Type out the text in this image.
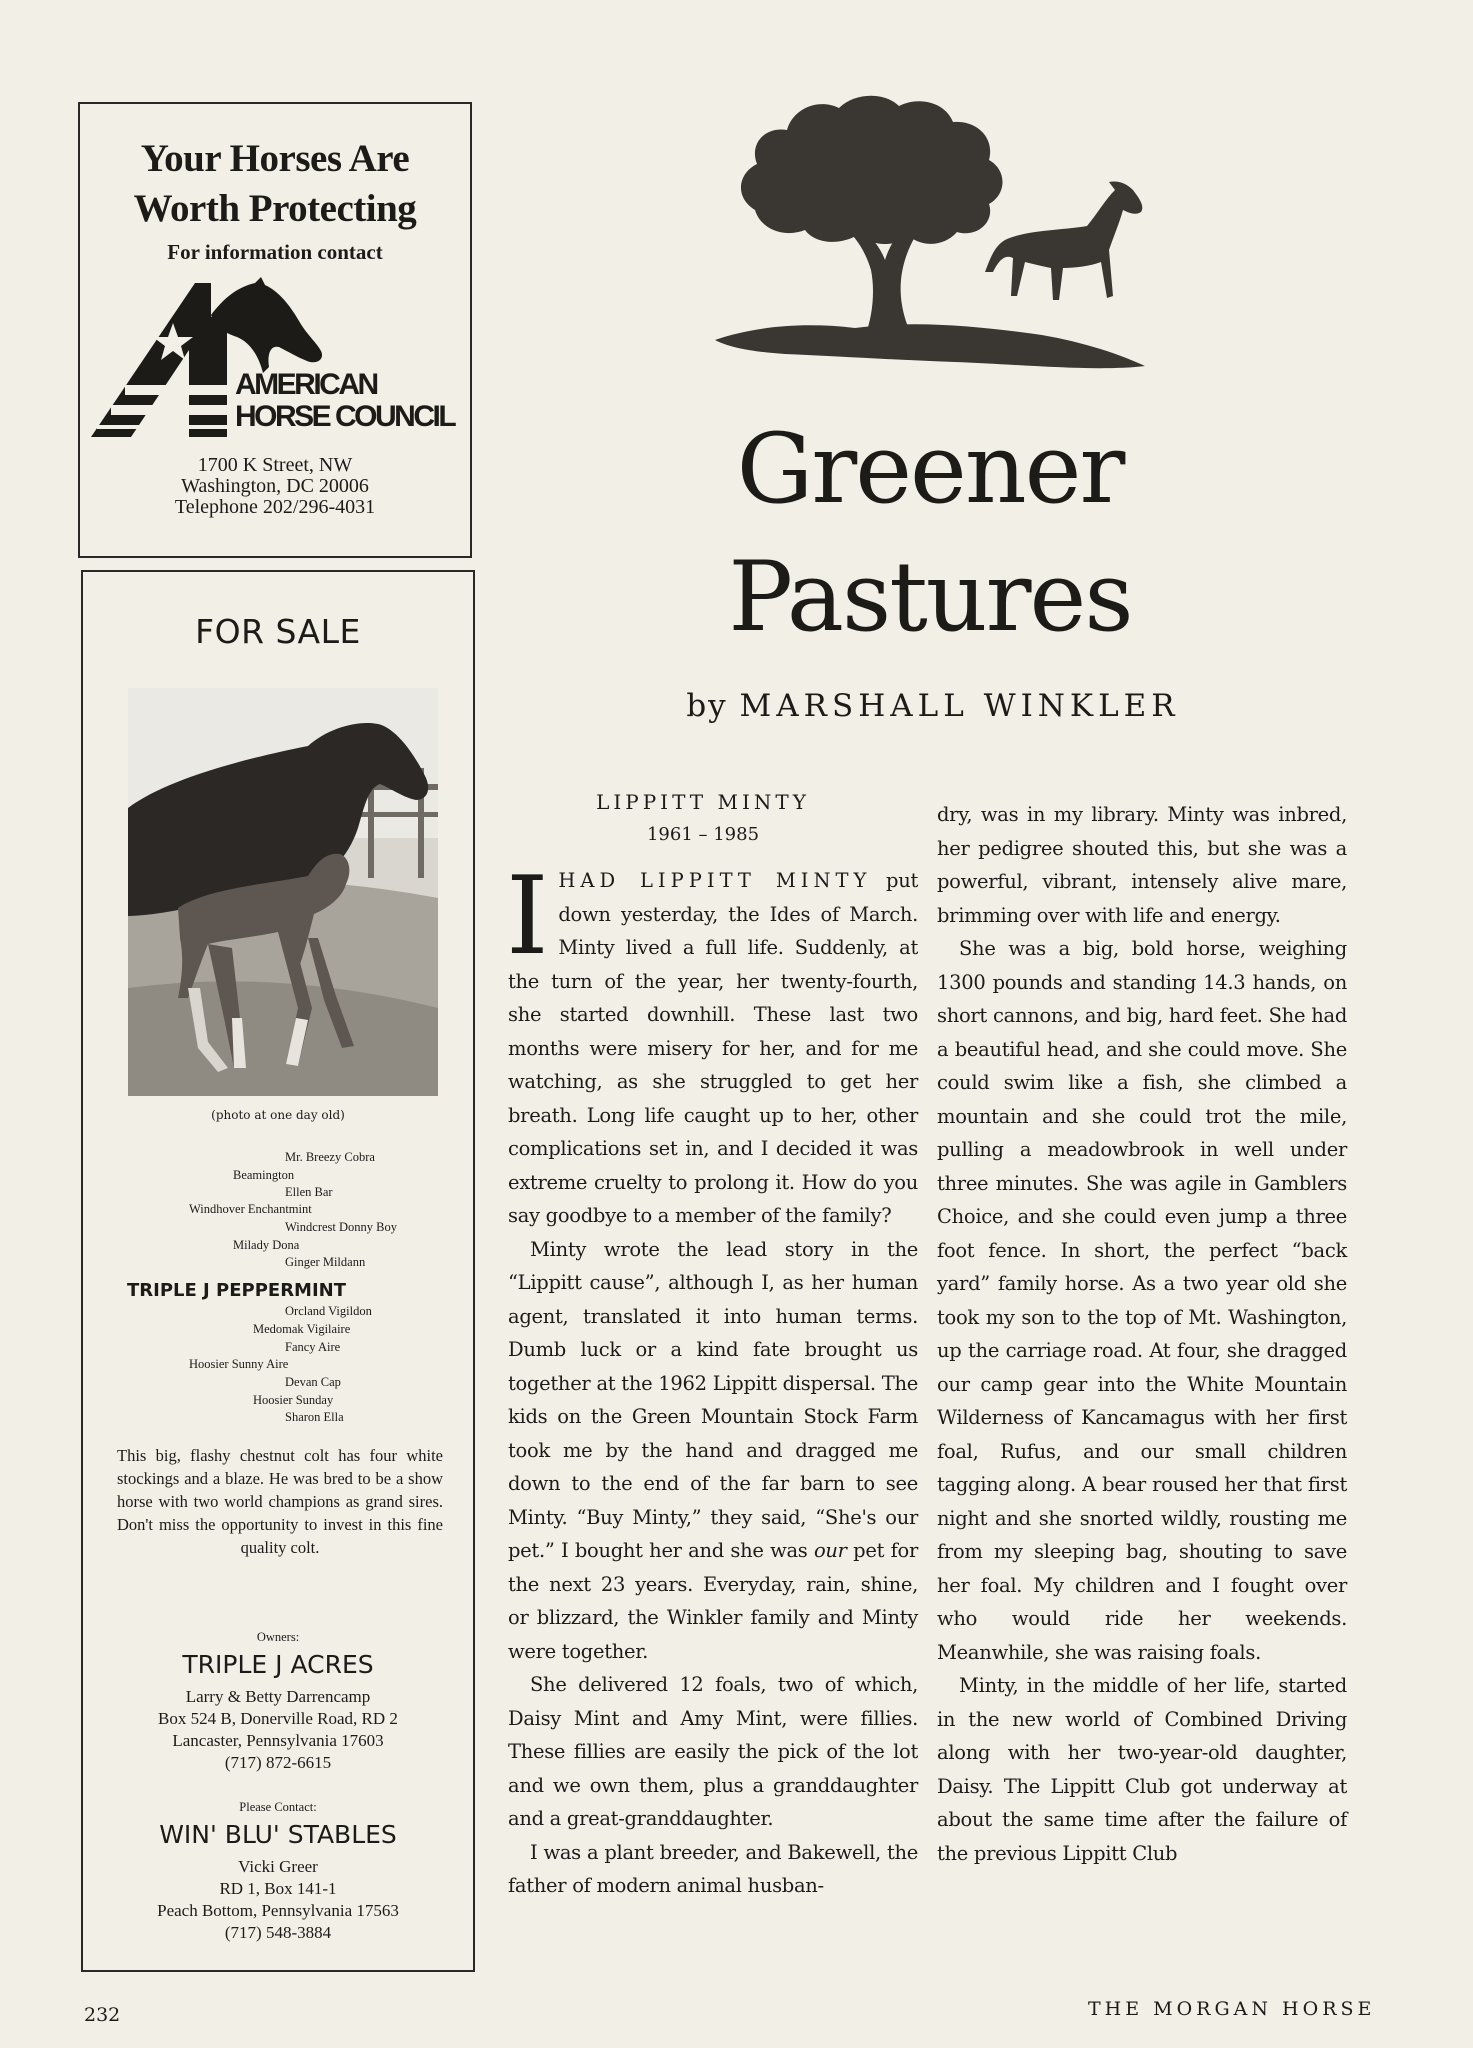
Your Horses Are
Worth Protecting
For information contact
AMERICAN
HORSE COUNCIL
1700 K Street, NW
Washington, DC 20006
Telephone 202/296-4031
FOR SALE
(photo at one day old)
Mr. Breezy Cobra
Beamington
Ellen Bar
Windhover Enchantmint
Windcrest Donny Boy
Milady Dona
Ginger Mildann
TRIPLE J PEPPERMINT
Orcland Vigildon
Medomak Vigilaire
Fancy Aire
Hoosier Sunny Aire
Devan Cap
Hoosier Sunday
Sharon Ella
This big, flashy chestnut colt has four white stockings and a blaze. He was bred to be a show horse with two world champions as grand sires. Don't miss the opportunity to invest in this fine quality colt.
Owners:
TRIPLE J ACRES
Larry & Betty Darrencamp
Box 524 B, Donerville Road, RD 2
Lancaster, Pennsylvania 17603
(717) 872-6615
Please Contact:
WIN' BLU' STABLES
Vicki Greer
RD 1, Box 141-1
Peach Bottom, Pennsylvania 17563
(717) 548-3884
Greener
Pastures
by MARSHALL WINKLER
LIPPITT MINTY
1961 – 1985

IHAD LIPPITT MINTY put down yesterday, the Ides of March. Minty lived a full life. Suddenly, at the turn of the year, her twenty-fourth, she started downhill. These last two months were misery for her, and for me watching, as she struggled to get her breath. Long life caught up to her, other complications set in, and I decided it was extreme cruelty to prolong it. How do you say goodbye to a member of the family?

Minty wrote the lead story in the “Lippitt cause”, although I, as her human agent, translated it into human terms. Dumb luck or a kind fate brought us together at the 1962 Lippitt dispersal. The kids on the Green Mountain Stock Farm took me by the hand and dragged me down to the end of the far barn to see Minty. “Buy Minty,” they said, “She's our pet.” I bought her and she was our pet for the next 23 years. Everyday, rain, shine, or blizzard, the Winkler family and Minty were together.

She delivered 12 foals, two of which, Daisy Mint and Amy Mint, were fillies. These fillies are easily the pick of the lot and we own them, plus a granddaughter and a great-granddaughter.

I was a plant breeder, and Bakewell, the father of modern animal husban-

dry, was in my library. Minty was inbred, her pedigree shouted this, but she was a powerful, vibrant, intensely alive mare, brimming over with life and energy.

She was a big, bold horse, weighing 1300 pounds and standing 14.3 hands, on short cannons, and big, hard feet. She had a beautiful head, and she could move. She could swim like a fish, she climbed a mountain and she could trot the mile, pulling a meadowbrook in well under three minutes. She was agile in Gamblers Choice, and she could even jump a three foot fence. In short, the perfect “back yard” family horse. As a two year old she took my son to the top of Mt. Washington, up the carriage road. At four, she dragged our camp gear into the White Mountain Wilderness of Kancamagus with her first foal, Rufus, and our small children tagging along. A bear roused her that first night and she snorted wildly, rousting me from my sleeping bag, shouting to save her foal. My children and I fought over who would ride her weekends. Meanwhile, she was raising foals.

Minty, in the middle of her life, started in the new world of Combined Driving along with her two-year-old daughter, Daisy. The Lippitt Club got underway at about the same time after the failure of the previous Lippitt Club

232	THE MORGAN HORSE
